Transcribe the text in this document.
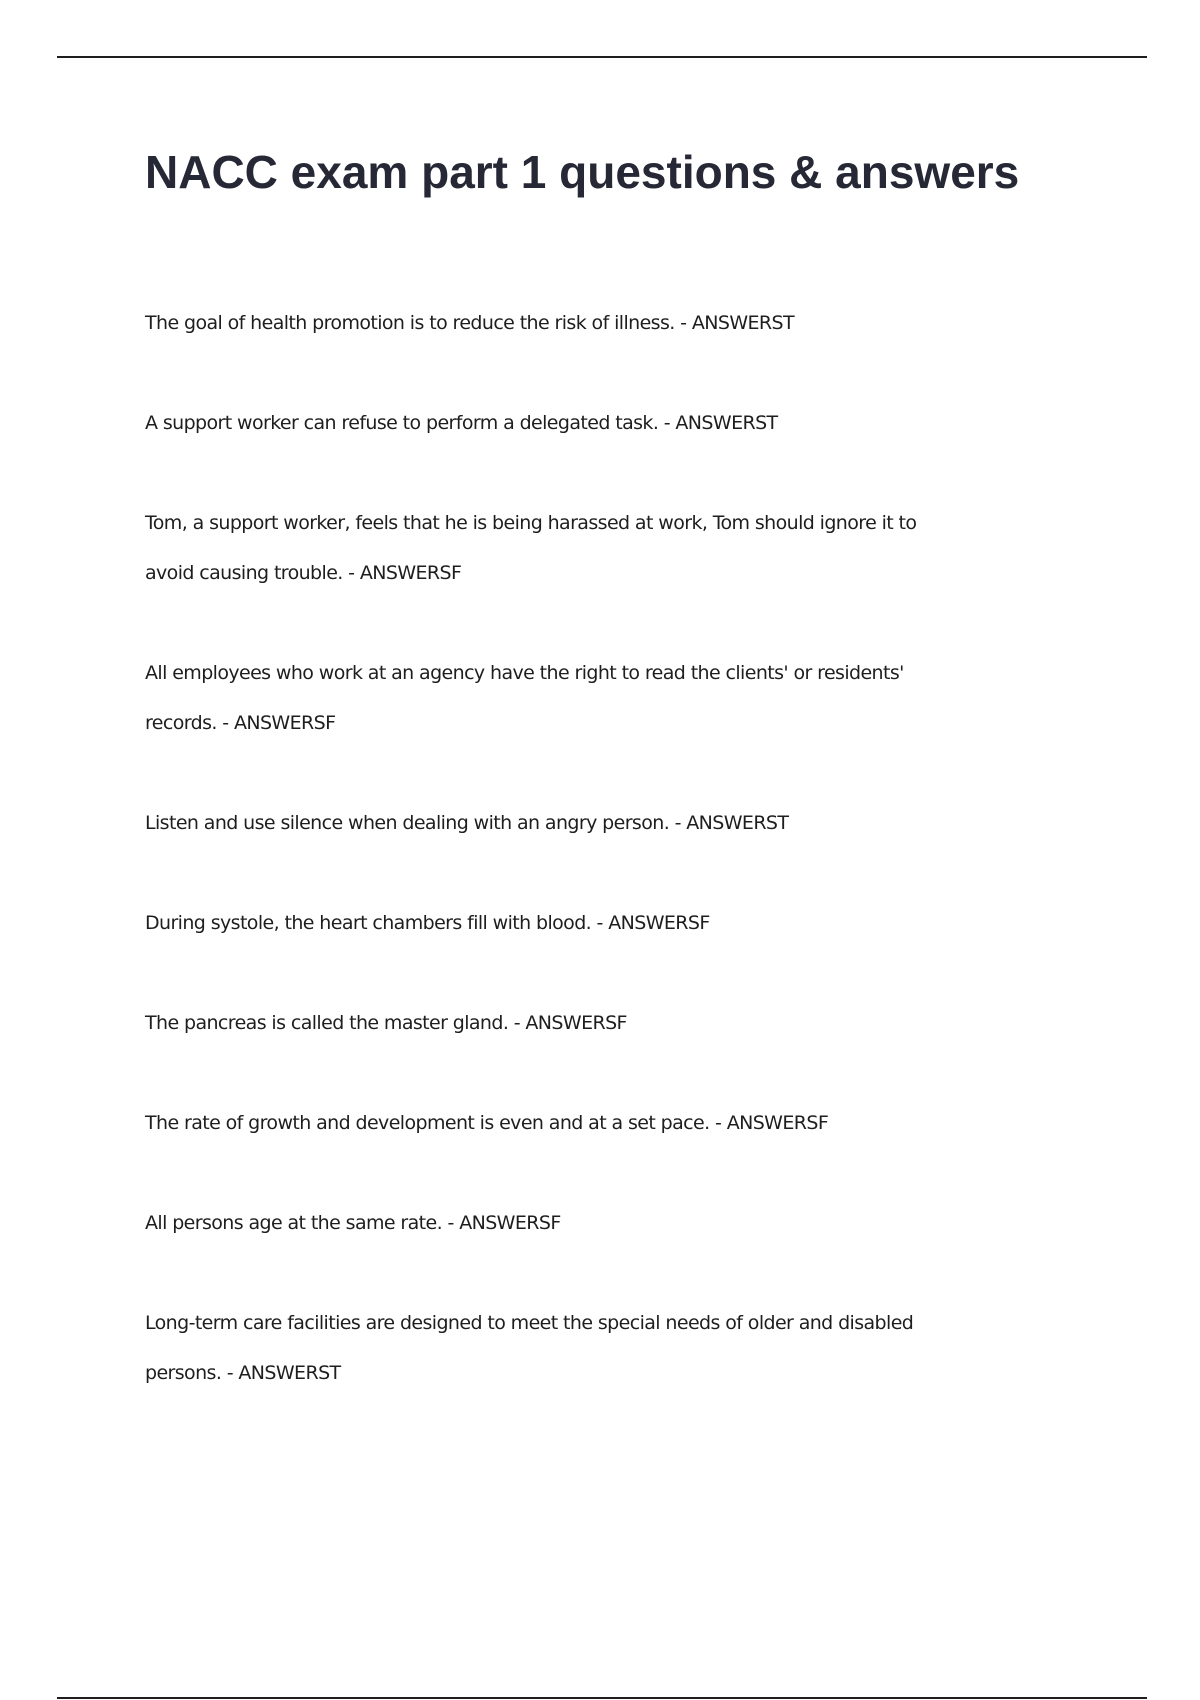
NACC exam part 1 questions & answers
The goal of health promotion is to reduce the risk of illness. - ANSWERST
A support worker can refuse to perform a delegated task. - ANSWERST
Tom, a support worker, feels that he is being harassed at work, Tom should ignore it to avoid causing trouble. - ANSWERSF
All employees who work at an agency have the right to read the clients' or residents' records. - ANSWERSF
Listen and use silence when dealing with an angry person. - ANSWERST
During systole, the heart chambers fill with blood. - ANSWERSF
The pancreas is called the master gland. - ANSWERSF
The rate of growth and development is even and at a set pace. - ANSWERSF
All persons age at the same rate. - ANSWERSF
Long-term care facilities are designed to meet the special needs of older and disabled persons. - ANSWERST
